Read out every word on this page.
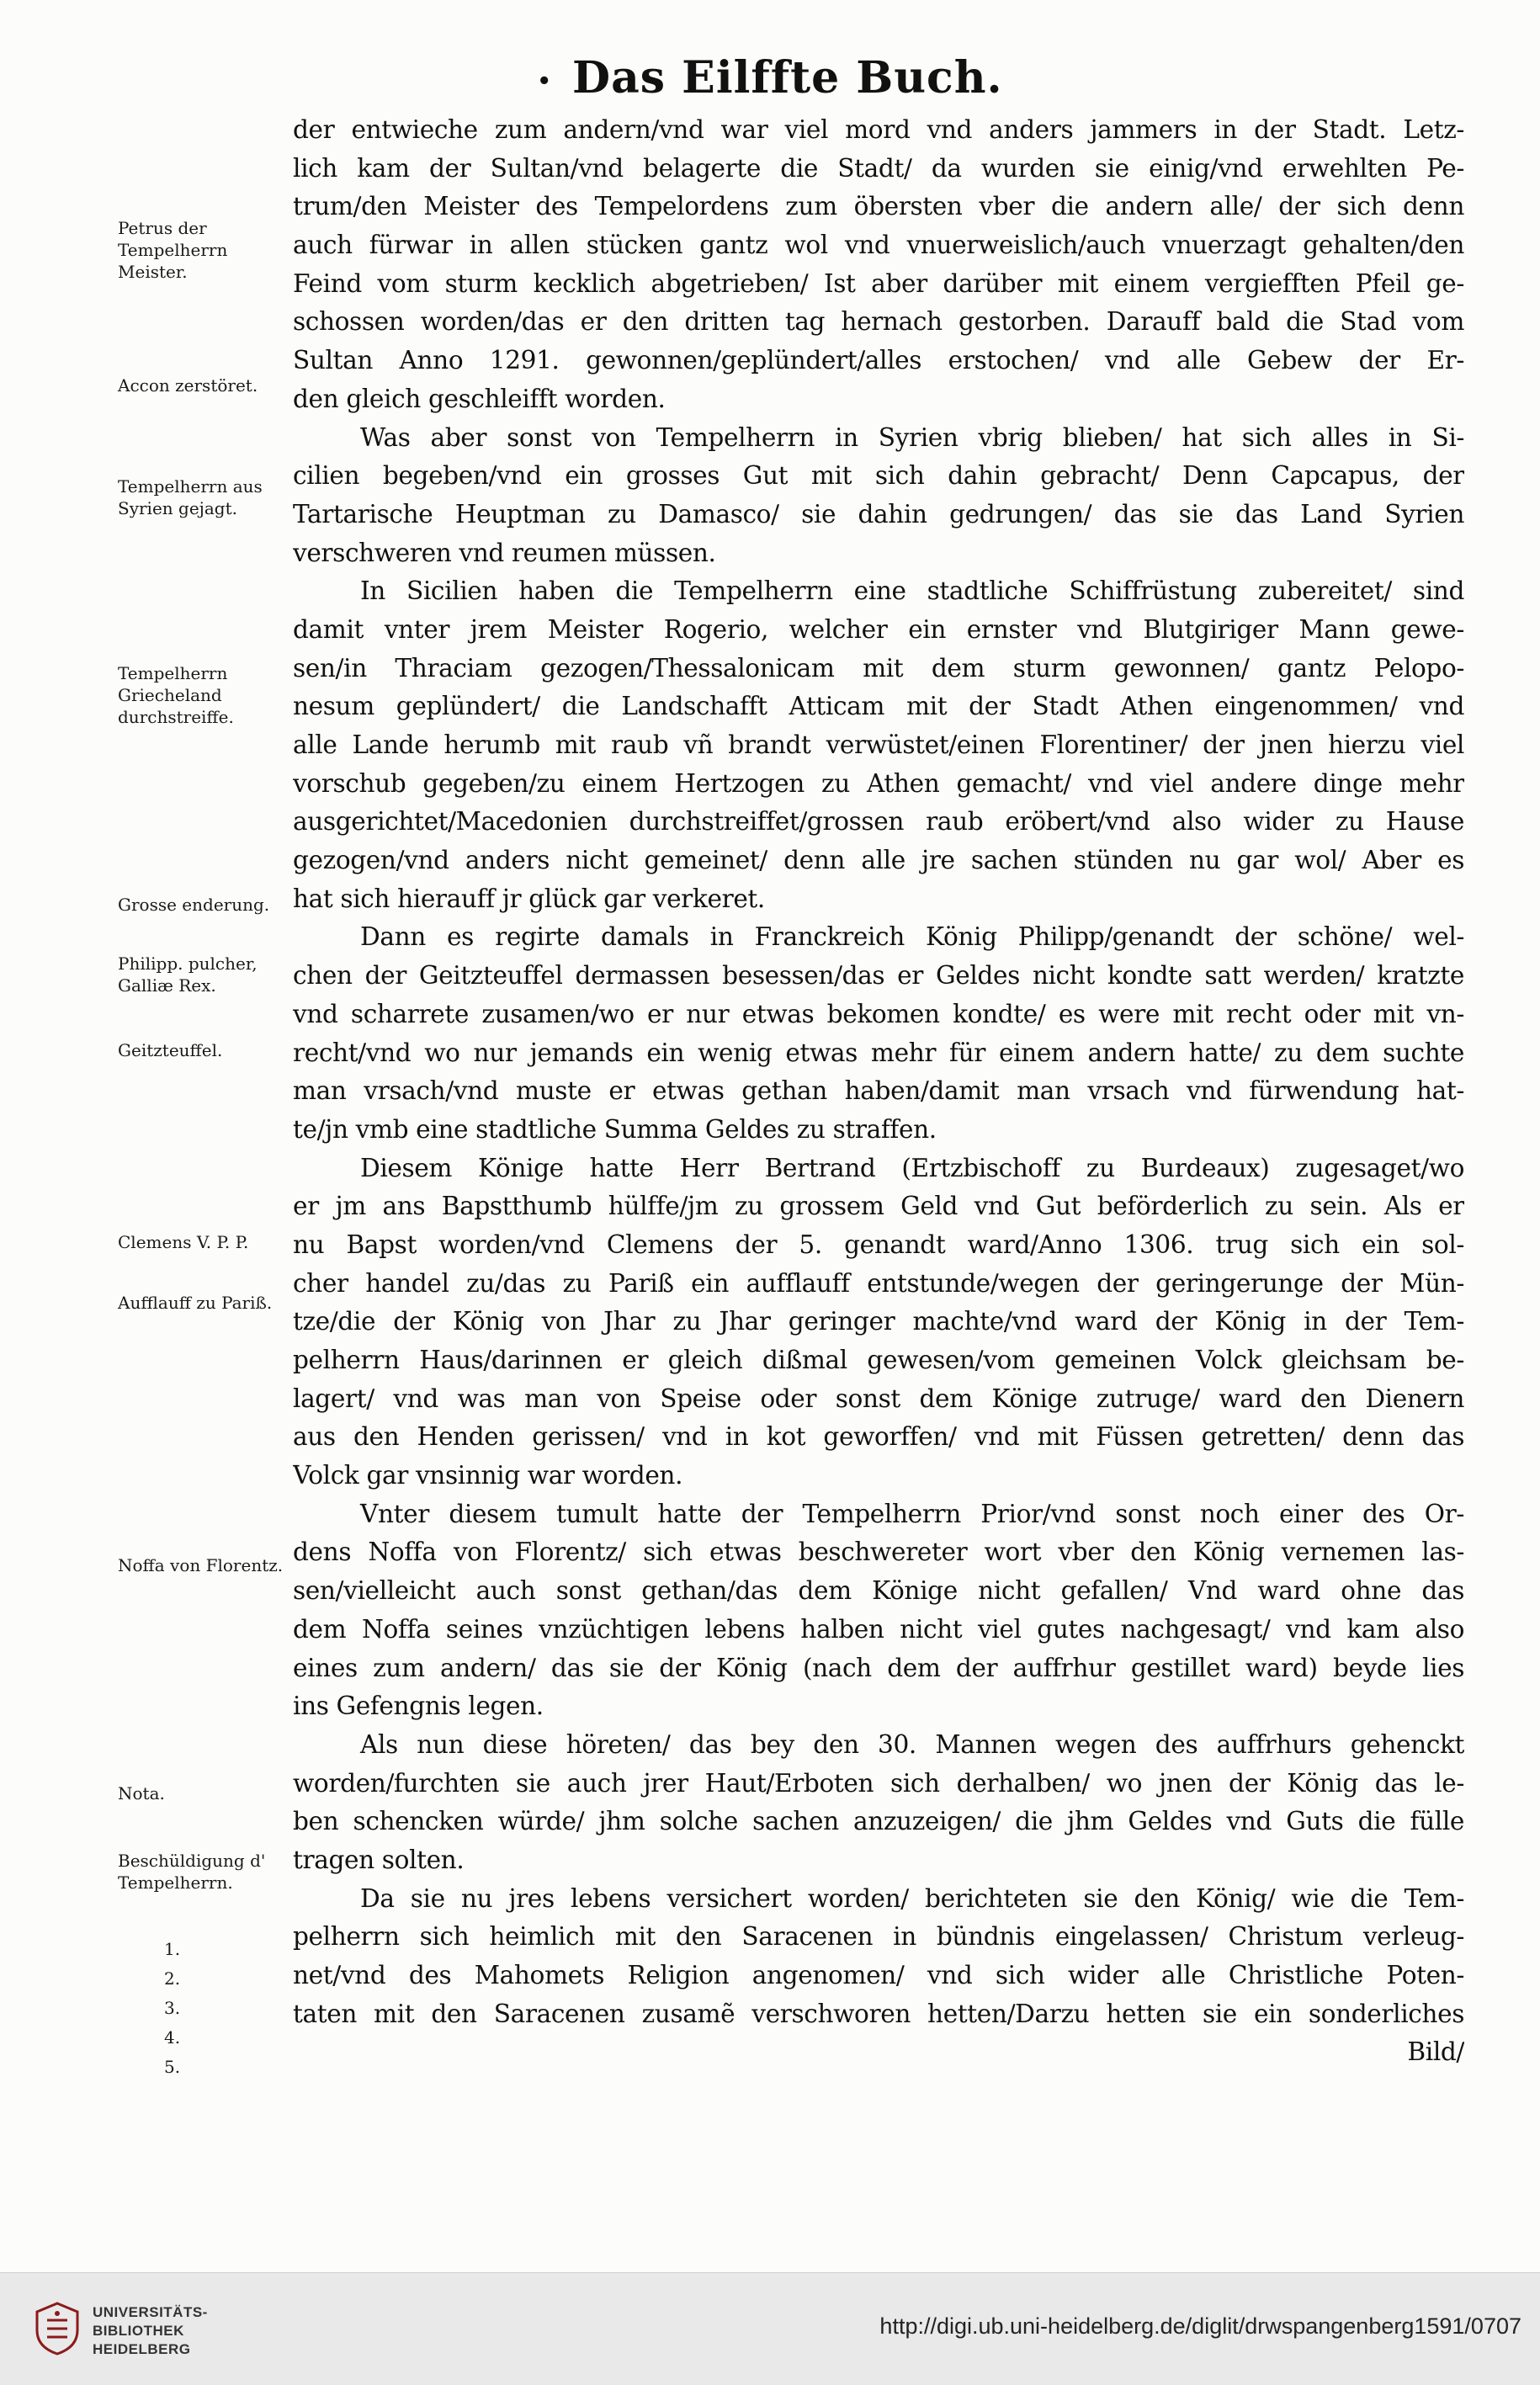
• Das Eilffte Buch.
Petrus der Tempelherrn Meister.
Accon zerstöret.
Tempelherrn aus Syrien gejagt.
Tempelherrn Griecheland durchstreiffe.
Grosse enderung.
Philipp. pulcher, Galliæ Rex.
Geitzteuffel.
Clemens V. P. P.
Aufflauff zu Pariß.
Noffa von Florentz.
Nota.
Beschüldigung d' Tempelherrn.
1.
2.
3.
4.
5.
der entwieche zum andern/vnd war viel mord vnd anders jammers in der Stadt. Letz-
lich kam der Sultan/vnd belagerte die Stadt/ da wurden sie einig/vnd erwehlten Pe-
trum/den Meister des Tempelordens zum öbersten vber die andern alle/ der sich denn
auch fürwar in allen stücken gantz wol vnd vnuerweislich/auch vnuerzagt gehalten/den
Feind vom sturm kecklich abgetrieben/ Ist aber darüber mit einem vergiefften Pfeil ge-
schossen worden/das er den dritten tag hernach gestorben. Darauff bald die Stad vom
Sultan Anno 1291. gewonnen/geplündert/alles erstochen/ vnd alle Gebew der Er-
den gleich geschleifft worden.
Was aber sonst von Tempelherrn in Syrien vbrig blieben/ hat sich alles in Si-
cilien begeben/vnd ein grosses Gut mit sich dahin gebracht/ Denn Capcapus, der
Tartarische Heuptman zu Damasco/ sie dahin gedrungen/ das sie das Land Syrien
verschweren vnd reumen müssen.
In Sicilien haben die Tempelherrn eine stadtliche Schiffrüstung zubereitet/ sind
damit vnter jrem Meister Rogerio, welcher ein ernster vnd Blutgiriger Mann gewe-
sen/in Thraciam gezogen/Thessalonicam mit dem sturm gewonnen/ gantz Pelopo-
nesum geplündert/ die Landschafft Atticam mit der Stadt Athen eingenommen/ vnd
alle Lande herumb mit raub vñ brandt verwüstet/einen Florentiner/ der jnen hierzu viel
vorschub gegeben/zu einem Hertzogen zu Athen gemacht/ vnd viel andere dinge mehr
ausgerichtet/Macedonien durchstreiffet/grossen raub eröbert/vnd also wider zu Hause
gezogen/vnd anders nicht gemeinet/ denn alle jre sachen stünden nu gar wol/ Aber es
hat sich hierauff jr glück gar verkeret.
Dann es regirte damals in Franckreich König Philipp/genandt der schöne/ wel-
chen der Geitzteuffel dermassen besessen/das er Geldes nicht kondte satt werden/ kratzte
vnd scharrete zusamen/wo er nur etwas bekomen kondte/ es were mit recht oder mit vn-
recht/vnd wo nur jemands ein wenig etwas mehr für einem andern hatte/ zu dem suchte
man vrsach/vnd muste er etwas gethan haben/damit man vrsach vnd fürwendung hat-
te/jn vmb eine stadtliche Summa Geldes zu straffen.
Diesem Könige hatte Herr Bertrand (Ertzbischoff zu Burdeaux) zugesaget/wo
er jm ans Bapstthumb hülffe/jm zu grossem Geld vnd Gut beförderlich zu sein. Als er
nu Bapst worden/vnd Clemens der 5. genandt ward/Anno 1306. trug sich ein sol-
cher handel zu/das zu Pariß ein aufflauff entstunde/wegen der geringerunge der Mün-
tze/die der König von Jhar zu Jhar geringer machte/vnd ward der König in der Tem-
pelherrn Haus/darinnen er gleich dißmal gewesen/vom gemeinen Volck gleichsam be-
lagert/ vnd was man von Speise oder sonst dem Könige zutruge/ ward den Dienern
aus den Henden gerissen/ vnd in kot geworffen/ vnd mit Füssen getretten/ denn das
Volck gar vnsinnig war worden.
Vnter diesem tumult hatte der Tempelherrn Prior/vnd sonst noch einer des Or-
dens Noffa von Florentz/ sich etwas beschwereter wort vber den König vernemen las-
sen/vielleicht auch sonst gethan/das dem Könige nicht gefallen/ Vnd ward ohne das
dem Noffa seines vnzüchtigen lebens halben nicht viel gutes nachgesagt/ vnd kam also
eines zum andern/ das sie der König (nach dem der auffrhur gestillet ward) beyde lies
ins Gefengnis legen.
Als nun diese höreten/ das bey den 30. Mannen wegen des auffrhurs gehenckt
worden/furchten sie auch jrer Haut/Erboten sich derhalben/ wo jnen der König das le-
ben schencken würde/ jhm solche sachen anzuzeigen/ die jhm Geldes vnd Guts die fülle
tragen solten.
Da sie nu jres lebens versichert worden/ berichteten sie den König/ wie die Tem-
pelherrn sich heimlich mit den Saracenen in bündnis eingelassen/ Christum verleug-
net/vnd des Mahomets Religion angenomen/ vnd sich wider alle Christliche Poten-
taten mit den Saracenen zusamẽ verschworen hetten/Darzu hetten sie ein sonderliches
Bild/
UNIVERSITÄTS-
BIBLIOTHEK
HEIDELBERG
http://digi.ub.uni-heidelberg.de/diglit/drwspangenberg1591/0707
